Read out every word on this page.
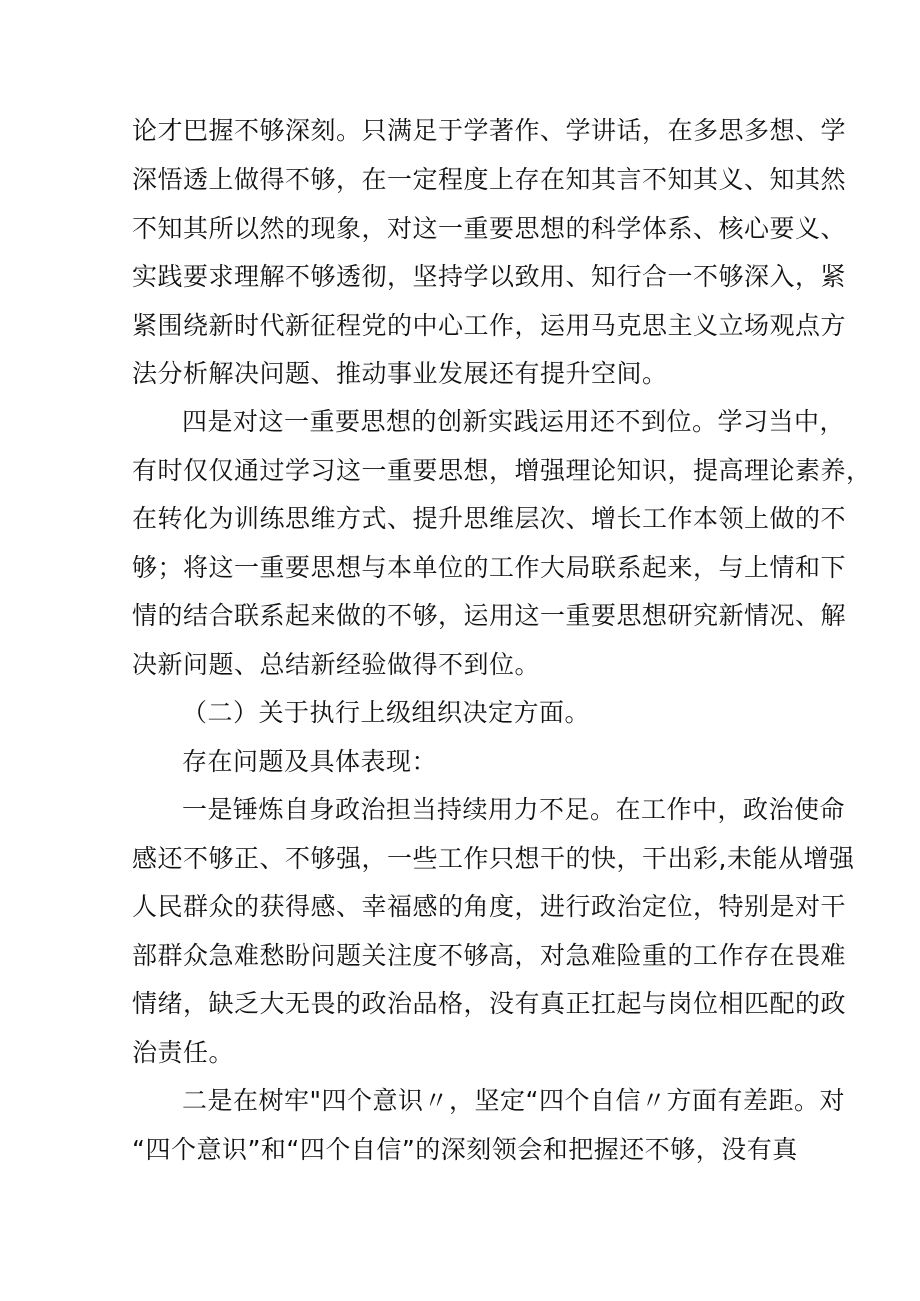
论才巴握不够深刻。只满足于学著作、学讲话，在多思多想、学

深悟透上做得不够，在一定程度上存在知其言不知其义、知其然

不知其所以然的现象，对这一重要思想的科学体系、核心要义、

实践要求理解不够透彻，坚持学以致用、知行合一不够深入，紧

紧围绕新时代新征程党的中心工作，运用马克思主义立场观点方

法分析解决问题、推动事业发展还有提升空间。

四是对这一重要思想的创新实践运用还不到位。学习当中，

有时仅仅通过学习这一重要思想，增强理论知识，提高理论素养，

在转化为训练思维方式、提升思维层次、增长工作本领上做的不

够；将这一重要思想与本单位的工作大局联系起来，与上情和下

情的结合联系起来做的不够，运用这一重要思想研究新情况、解

决新问题、总结新经验做得不到位。

（二）关于执行上级组织决定方面。

存在问题及具体表现：

一是锤炼自身政治担当持续用力不足。在工作中，政治使命

感还不够正、不够强，一些工作只想干的快，干出彩,未能从增强

人民群众的获得感、幸福感的角度，进行政治定位，特别是对干

部群众急难愁盼问题关注度不够高，对急难险重的工作存在畏难

情绪，缺乏大无畏的政治品格，没有真正扛起与岗位相匹配的政

治责任。

二是在树牢"四个意识〃，坚定“四个自信〃方面有差距。对

“四个意识”和“四个自信”的深刻领会和把握还不够，没有真
